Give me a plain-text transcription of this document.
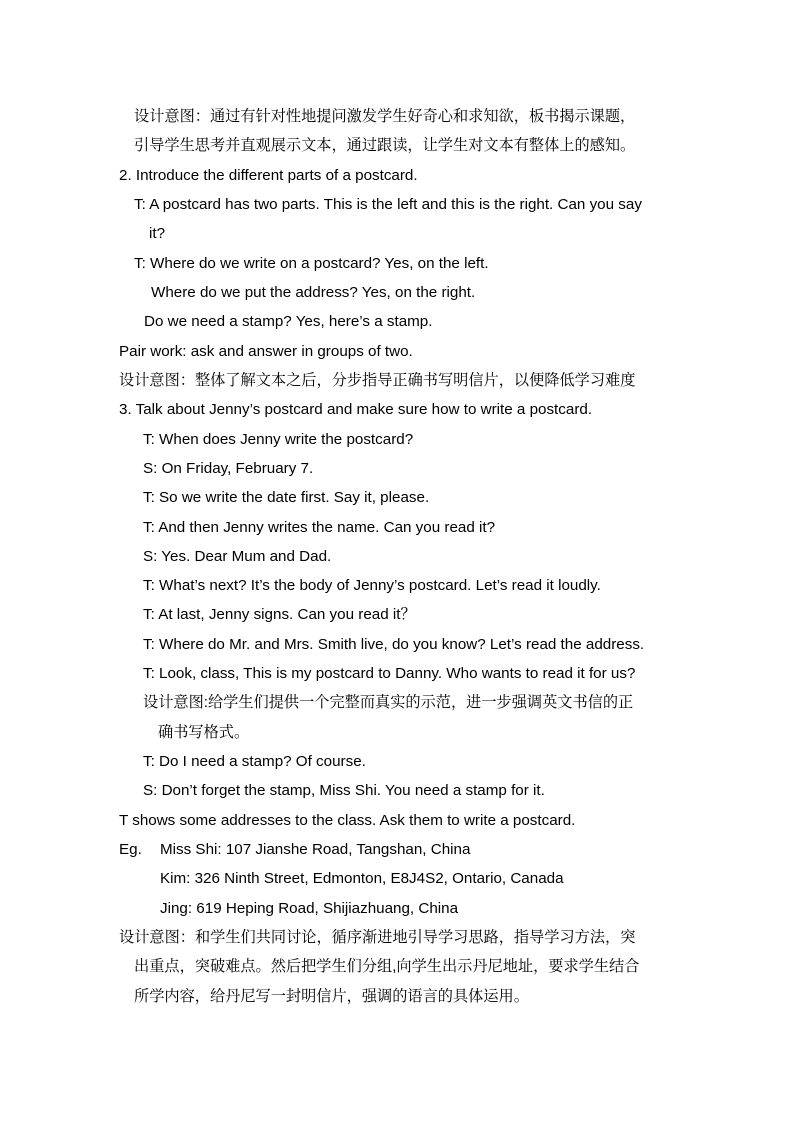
设计意图：通过有针对性地提问激发学生好奇心和求知欲，板书揭示课题，
引导学生思考并直观展示文本，通过跟读，让学生对文本有整体上的感知。
2. Introduce the different parts of a postcard.
T: A postcard has two parts. This is the left and this is the right. Can you say
it?
T: Where do we write on a postcard? Yes, on the left.
Where do we put the address? Yes, on the right.
Do we need a stamp? Yes, here’s a stamp.
Pair work: ask and answer in groups of two.
设计意图：整体了解文本之后，分步指导正确书写明信片，以便降低学习难度
3. Talk about Jenny’s postcard and make sure how to write a postcard.
T: When does Jenny write the postcard?
S: On Friday, February 7.
T: So we write the date first. Say it, please.
T: And then Jenny writes the name. Can you read it?
S: Yes. Dear Mum and Dad.
T: What’s next? It’s the body of Jenny’s postcard. Let’s read it loudly.
T: At last, Jenny signs. Can you read it？
T: Where do Mr. and Mrs. Smith live, do you know? Let’s read the address.
T: Look, class, This is my postcard to Danny. Who wants to read it for us?
设计意图:给学生们提供一个完整而真实的示范，进一步强调英文书信的正
确书写格式。
T: Do I need a stamp? Of course.
S: Don’t forget the stamp, Miss Shi. You need a stamp for it.
T shows some addresses to the class. Ask them to write a postcard.
Eg. Miss Shi: 107 Jianshe Road, Tangshan, China
Kim: 326 Ninth Street, Edmonton, E8J4S2, Ontario, Canada
Jing: 619 Heping Road, Shijiazhuang, China
设计意图：和学生们共同讨论，循序渐进地引导学习思路，指导学习方法，突
出重点，突破难点。然后把学生们分组,向学生出示丹尼地址，要求学生结合
所学内容，给丹尼写一封明信片，强调的语言的具体运用。
